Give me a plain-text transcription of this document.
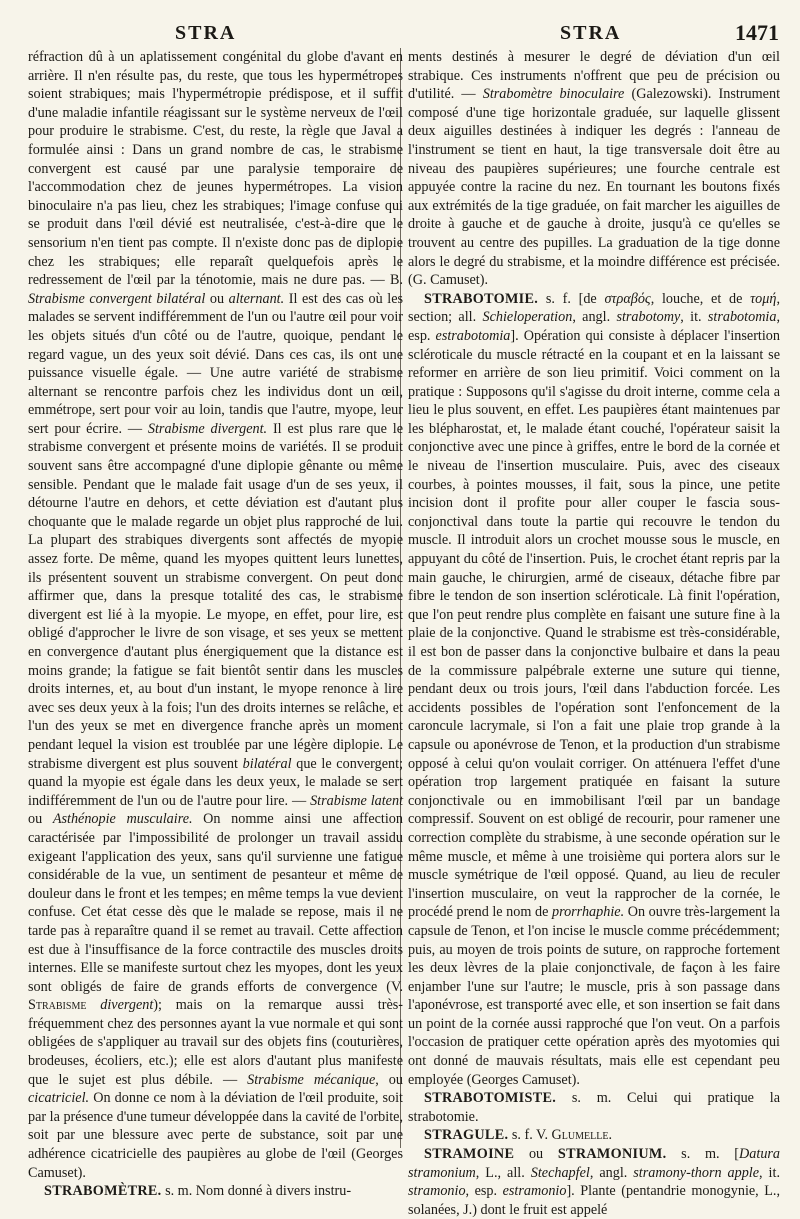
STRA	STRA	1471

réfraction dû à un aplatissement congénital du globe d'avant en arrière. Il n'en résulte pas, du reste, que tous les hypermétropes soient strabiques; mais l'hypermétropie prédispose, et il suffit d'une maladie infantile réagissant sur le système nerveux de l'œil pour produire le strabisme. C'est, du reste, la règle que Javal a formulée ainsi : Dans un grand nombre de cas, le strabisme convergent est causé par une paralysie temporaire de l'accommodation chez de jeunes hypermétropes. La vision binoculaire n'a pas lieu, chez les strabiques; l'image confuse qui se produit dans l'œil dévié est neutralisée, c'est-à-dire que le sensorium n'en tient pas compte. Il n'existe donc pas de diplopie chez les strabiques; elle reparaît quelquefois après le redressement de l'œil par la ténotomie, mais ne dure pas. — B. Strabisme convergent bilatéral ou alternant. Il est des cas où les malades se servent indifféremment de l'un ou l'autre œil pour voir les objets situés d'un côté ou de l'autre, quoique, pendant le regard vague, un des yeux soit dévié. Dans ces cas, ils ont une puissance visuelle égale. — Une autre variété de strabisme alternant se rencontre parfois chez les individus dont un œil, emmétrope, sert pour voir au loin, tandis que l'autre, myope, leur sert pour écrire. — Strabisme divergent. Il est plus rare que le strabisme convergent et présente moins de variétés. Il se produit souvent sans être accompagné d'une diplopie gênante ou même sensible. Pendant que le malade fait usage d'un de ses yeux, il détourne l'autre en dehors, et cette déviation est d'autant plus choquante que le malade regarde un objet plus rapproché de lui. La plupart des strabiques divergents sont affectés de myopie assez forte. De même, quand les myopes quittent leurs lunettes, ils présentent souvent un strabisme convergent. On peut donc affirmer que, dans la presque totalité des cas, le strabisme divergent est lié à la myopie. Le myope, en effet, pour lire, est obligé d'approcher le livre de son visage, et ses yeux se mettent en convergence d'autant plus énergiquement que la distance est moins grande; la fatigue se fait bientôt sentir dans les muscles droits internes, et, au bout d'un instant, le myope renonce à lire avec ses deux yeux à la fois; l'un des droits internes se relâche, et l'un des yeux se met en divergence franche après un moment pendant lequel la vision est troublée par une légère diplopie. Le strabisme divergent est plus souvent bilatéral que le convergent; quand la myopie est égale dans les deux yeux, le malade se sert indifféremment de l'un ou de l'autre pour lire. — Strabisme latent ou Asthénopie musculaire. On nomme ainsi une affection caractérisée par l'impossibilité de prolonger un travail assidu exigeant l'application des yeux, sans qu'il survienne une fatigue considérable de la vue, un sentiment de pesanteur et même de douleur dans le front et les tempes; en même temps la vue devient confuse. Cet état cesse dès que le malade se repose, mais il ne tarde pas à reparaître quand il se remet au travail. Cette affection est due à l'insuffisance de la force contractile des muscles droits internes. Elle se manifeste surtout chez les myopes, dont les yeux sont obligés de faire de grands efforts de convergence (V. Strabisme divergent); mais on la remarque aussi très-fréquemment chez des personnes ayant la vue normale et qui sont obligées de s'appliquer au travail sur des objets fins (couturières, brodeuses, écoliers, etc.); elle est alors d'autant plus manifeste que le sujet est plus débile. — Strabisme mécanique, ou cicatriciel. On donne ce nom à la déviation de l'œil produite, soit par la présence d'une tumeur développée dans la cavité de l'orbite, soit par une blessure avec perte de substance, soit par une adhérence cicatricielle des paupières au globe de l'œil (Georges Camuset).

STRABOMÈTRE. s. m. Nom donné à divers instru-

ments destinés à mesurer le degré de déviation d'un œil strabique. Ces instruments n'offrent que peu de précision ou d'utilité. — Strabomètre binoculaire (Galezowski). Instrument composé d'une tige horizontale graduée, sur laquelle glissent deux aiguilles destinées à indiquer les degrés : l'anneau de l'instrument se tient en haut, la tige transversale doit être au niveau des paupières supérieures; une fourche centrale est appuyée contre la racine du nez. En tournant les boutons fixés aux extrémités de la tige graduée, on fait marcher les aiguilles de droite à gauche et de gauche à droite, jusqu'à ce qu'elles se trouvent au centre des pupilles. La graduation de la tige donne alors le degré du strabisme, et la moindre différence est précisée. (G. Camuset).

STRABOTOMIE. s. f. [de στραβός, louche, et de τομή, section; all. Schieloperation, angl. strabotomy, it. strabotomia, esp. estrabotomia]. Opération qui consiste à déplacer l'insertion scléroticale du muscle rétracté en la coupant et en la laissant se reformer en arrière de son lieu primitif. Voici comment on la pratique : Supposons qu'il s'agisse du droit interne, comme cela a lieu le plus souvent, en effet. Les paupières étant maintenues par les blépharostat, et, le malade étant couché, l'opérateur saisit la conjonctive avec une pince à griffes, entre le bord de la cornée et le niveau de l'insertion musculaire. Puis, avec des ciseaux courbes, à pointes mousses, il fait, sous la pince, une petite incision dont il profite pour aller couper le fascia sous-conjonctival dans toute la partie qui recouvre le tendon du muscle. Il introduit alors un crochet mousse sous le muscle, en appuyant du côté de l'insertion. Puis, le crochet étant repris par la main gauche, le chirurgien, armé de ciseaux, détache fibre par fibre le tendon de son insertion scléroticale. Là finit l'opération, que l'on peut rendre plus complète en faisant une suture fine à la plaie de la conjonctive. Quand le strabisme est très-considérable, il est bon de passer dans la conjonctive bulbaire et dans la peau de la commissure palpébrale externe une suture qui tienne, pendant deux ou trois jours, l'œil dans l'abduction forcée. Les accidents possibles de l'opération sont l'enfoncement de la caroncule lacrymale, si l'on a fait une plaie trop grande à la capsule ou aponévrose de Tenon, et la production d'un strabisme opposé à celui qu'on voulait corriger. On atténuera l'effet d'une opération trop largement pratiquée en faisant la suture conjonctivale ou en immobilisant l'œil par un bandage compressif. Souvent on est obligé de recourir, pour ramener une correction complète du strabisme, à une seconde opération sur le même muscle, et même à une troisième qui portera alors sur le muscle symétrique de l'œil opposé. Quand, au lieu de reculer l'insertion musculaire, on veut la rapprocher de la cornée, le procédé prend le nom de prorrhaphie. On ouvre très-largement la capsule de Tenon, et l'on incise le muscle comme précédemment; puis, au moyen de trois points de suture, on rapproche fortement les deux lèvres de la plaie conjonctivale, de façon à les faire enjamber l'une sur l'autre; le muscle, pris à son passage dans l'aponévrose, est transporté avec elle, et son insertion se fait dans un point de la cornée aussi rapproché que l'on veut. On a parfois l'occasion de pratiquer cette opération après des myotomies qui ont donné de mauvais résultats, mais elle est cependant peu employée (Georges Camuset).

STRABOTOMISTE. s. m. Celui qui pratique la strabotomie.

STRAGULE. s. f. V. Glumelle.

STRAMOINE ou STRAMONIUM. s. m. [Datura stramonium, L., all. Stechapfel, angl. stramony-thorn apple, it. stramonio, esp. estramonio]. Plante (pentandrie monogynie, L., solanées, J.) dont le fruit est appelé
